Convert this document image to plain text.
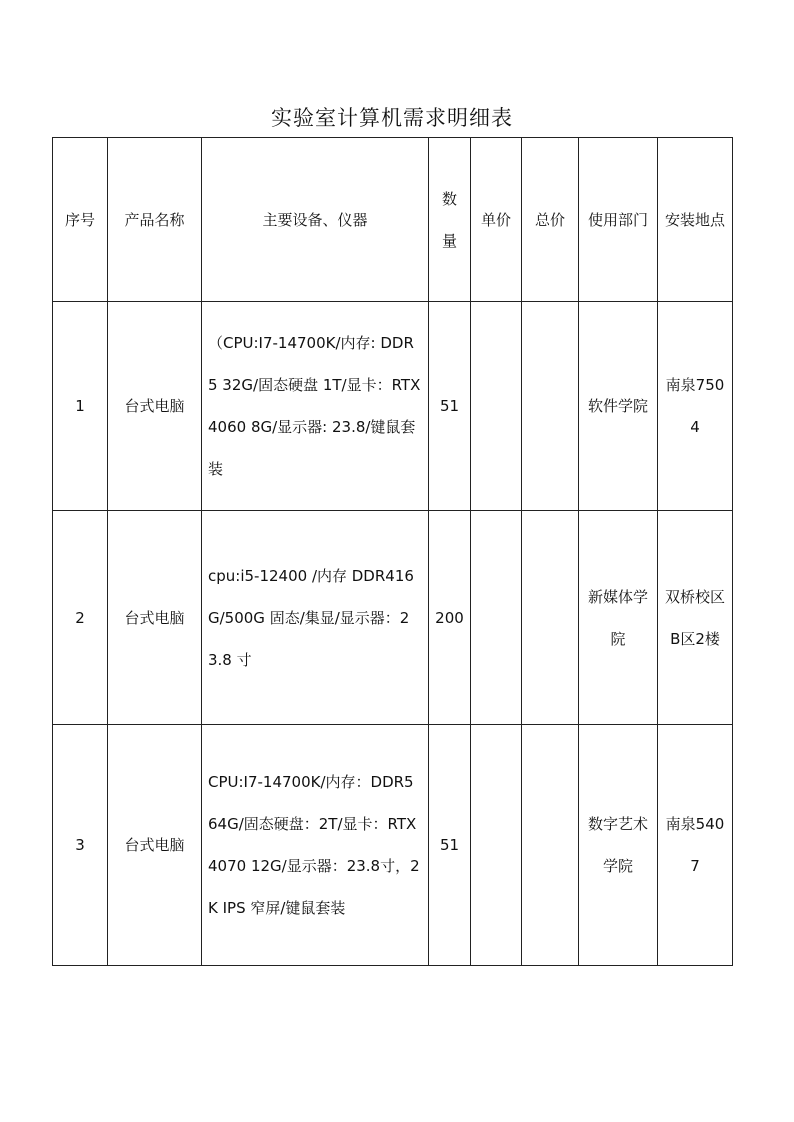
实验室计算机需求明细表
序号	产品名称	主要设备、仪器	数量	单价	总价	使用部门	安装地点

1	台式电脑	（CPU:I7-14700K/内存: DDR5 32G/固态硬盘 1T/显卡：RTX4060 8G/显示器: 23.8/键鼠套装	51			软件学院	南泉7504

2	台式电脑	cpu:i5-12400 /内存 DDR416G/500G 固态/集显/显示器：23.8 寸	200			新媒体学院	双桥校区B区2楼

3	台式电脑	CPU:I7-14700K/内存：DDR5 64G/固态硬盘：2T/显卡：RTX4070 12G/显示器：23.8寸，2K IPS 窄屏/键鼠套装	51			数字艺术学院	南泉5407
